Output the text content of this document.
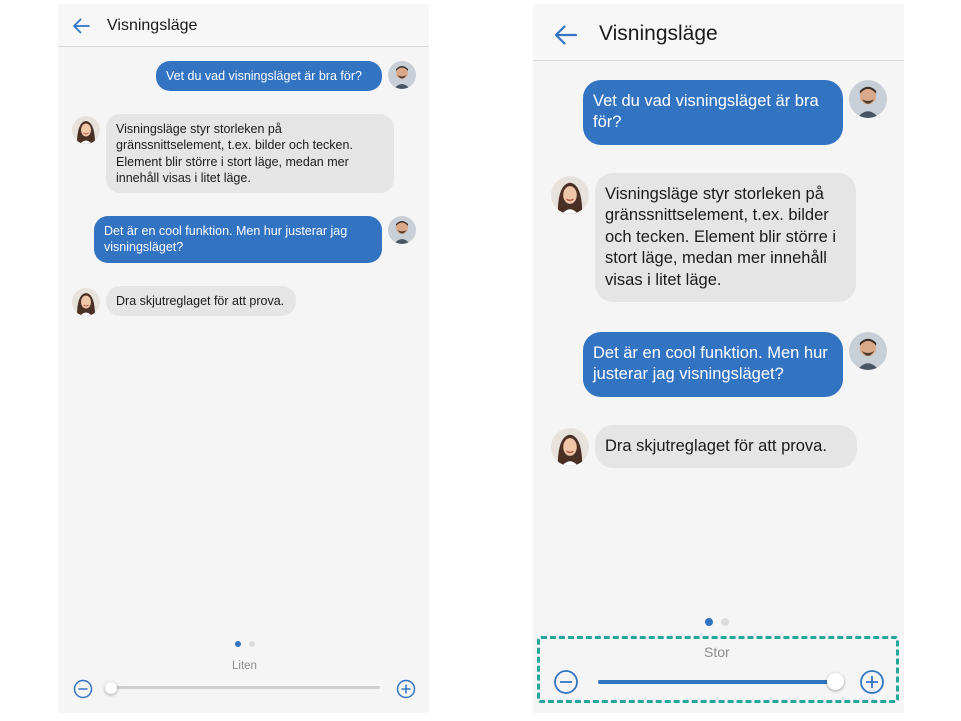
Visningsläge
Vet du vad visningsläget är bra för?
Visningsläge styr storleken på gränssnittselement, t.ex. bilder och tecken. Element blir större i stort läge, medan mer innehåll visas i litet läge.
Det är en cool funktion. Men hur justerar jag visningsläget?
Dra skjutreglaget för att prova.
Liten
Visningsläge
Vet du vad visningsläget är bra för?
Visningsläge styr storleken på gränssnittselement, t.ex. bilder och tecken. Element blir större i stort läge, medan mer innehåll visas i litet läge.
Det är en cool funktion. Men hur justerar jag visningsläget?
Dra skjutreglaget för att prova.
Stor
